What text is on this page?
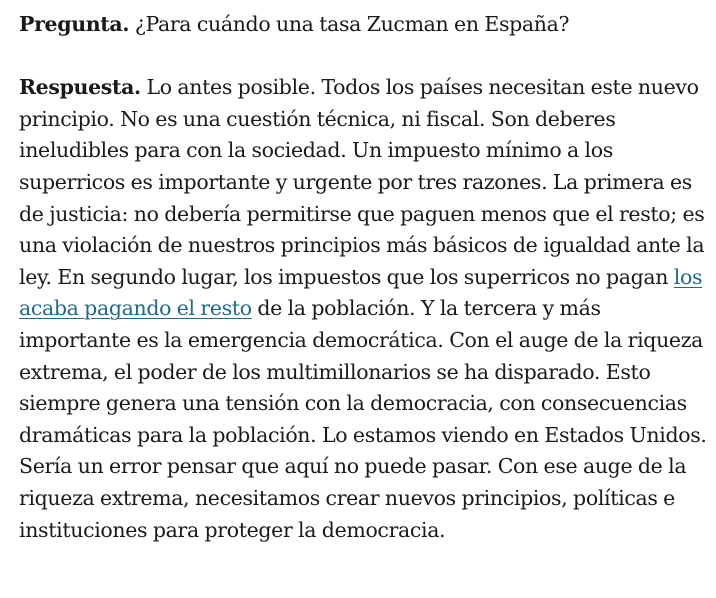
Pregunta. ¿Para cuándo una tasa Zucman en España?

Respuesta. Lo antes posible. Todos los países necesitan este nuevo principio. No es una cuestión técnica, ni fiscal. Son deberes ineludibles para con la sociedad. Un impuesto mínimo a los superricos es importante y urgente por tres razones. La primera es de justicia: no debería permitirse que paguen menos que el resto; es una violación de nuestros principios más básicos de igualdad ante la ley. En segundo lugar, los impuestos que los superricos no pagan los acaba pagando el resto de la población. Y la tercera y más importante es la emergencia democrática. Con el auge de la riqueza extrema, el poder de los multimillonarios se ha disparado. Esto siempre genera una tensión con la democracia, con consecuencias dramáticas para la población. Lo estamos viendo en Estados Unidos. Sería un error pensar que aquí no puede pasar. Con ese auge de la riqueza extrema, necesitamos crear nuevos principios, políticas e instituciones para proteger la democracia.
